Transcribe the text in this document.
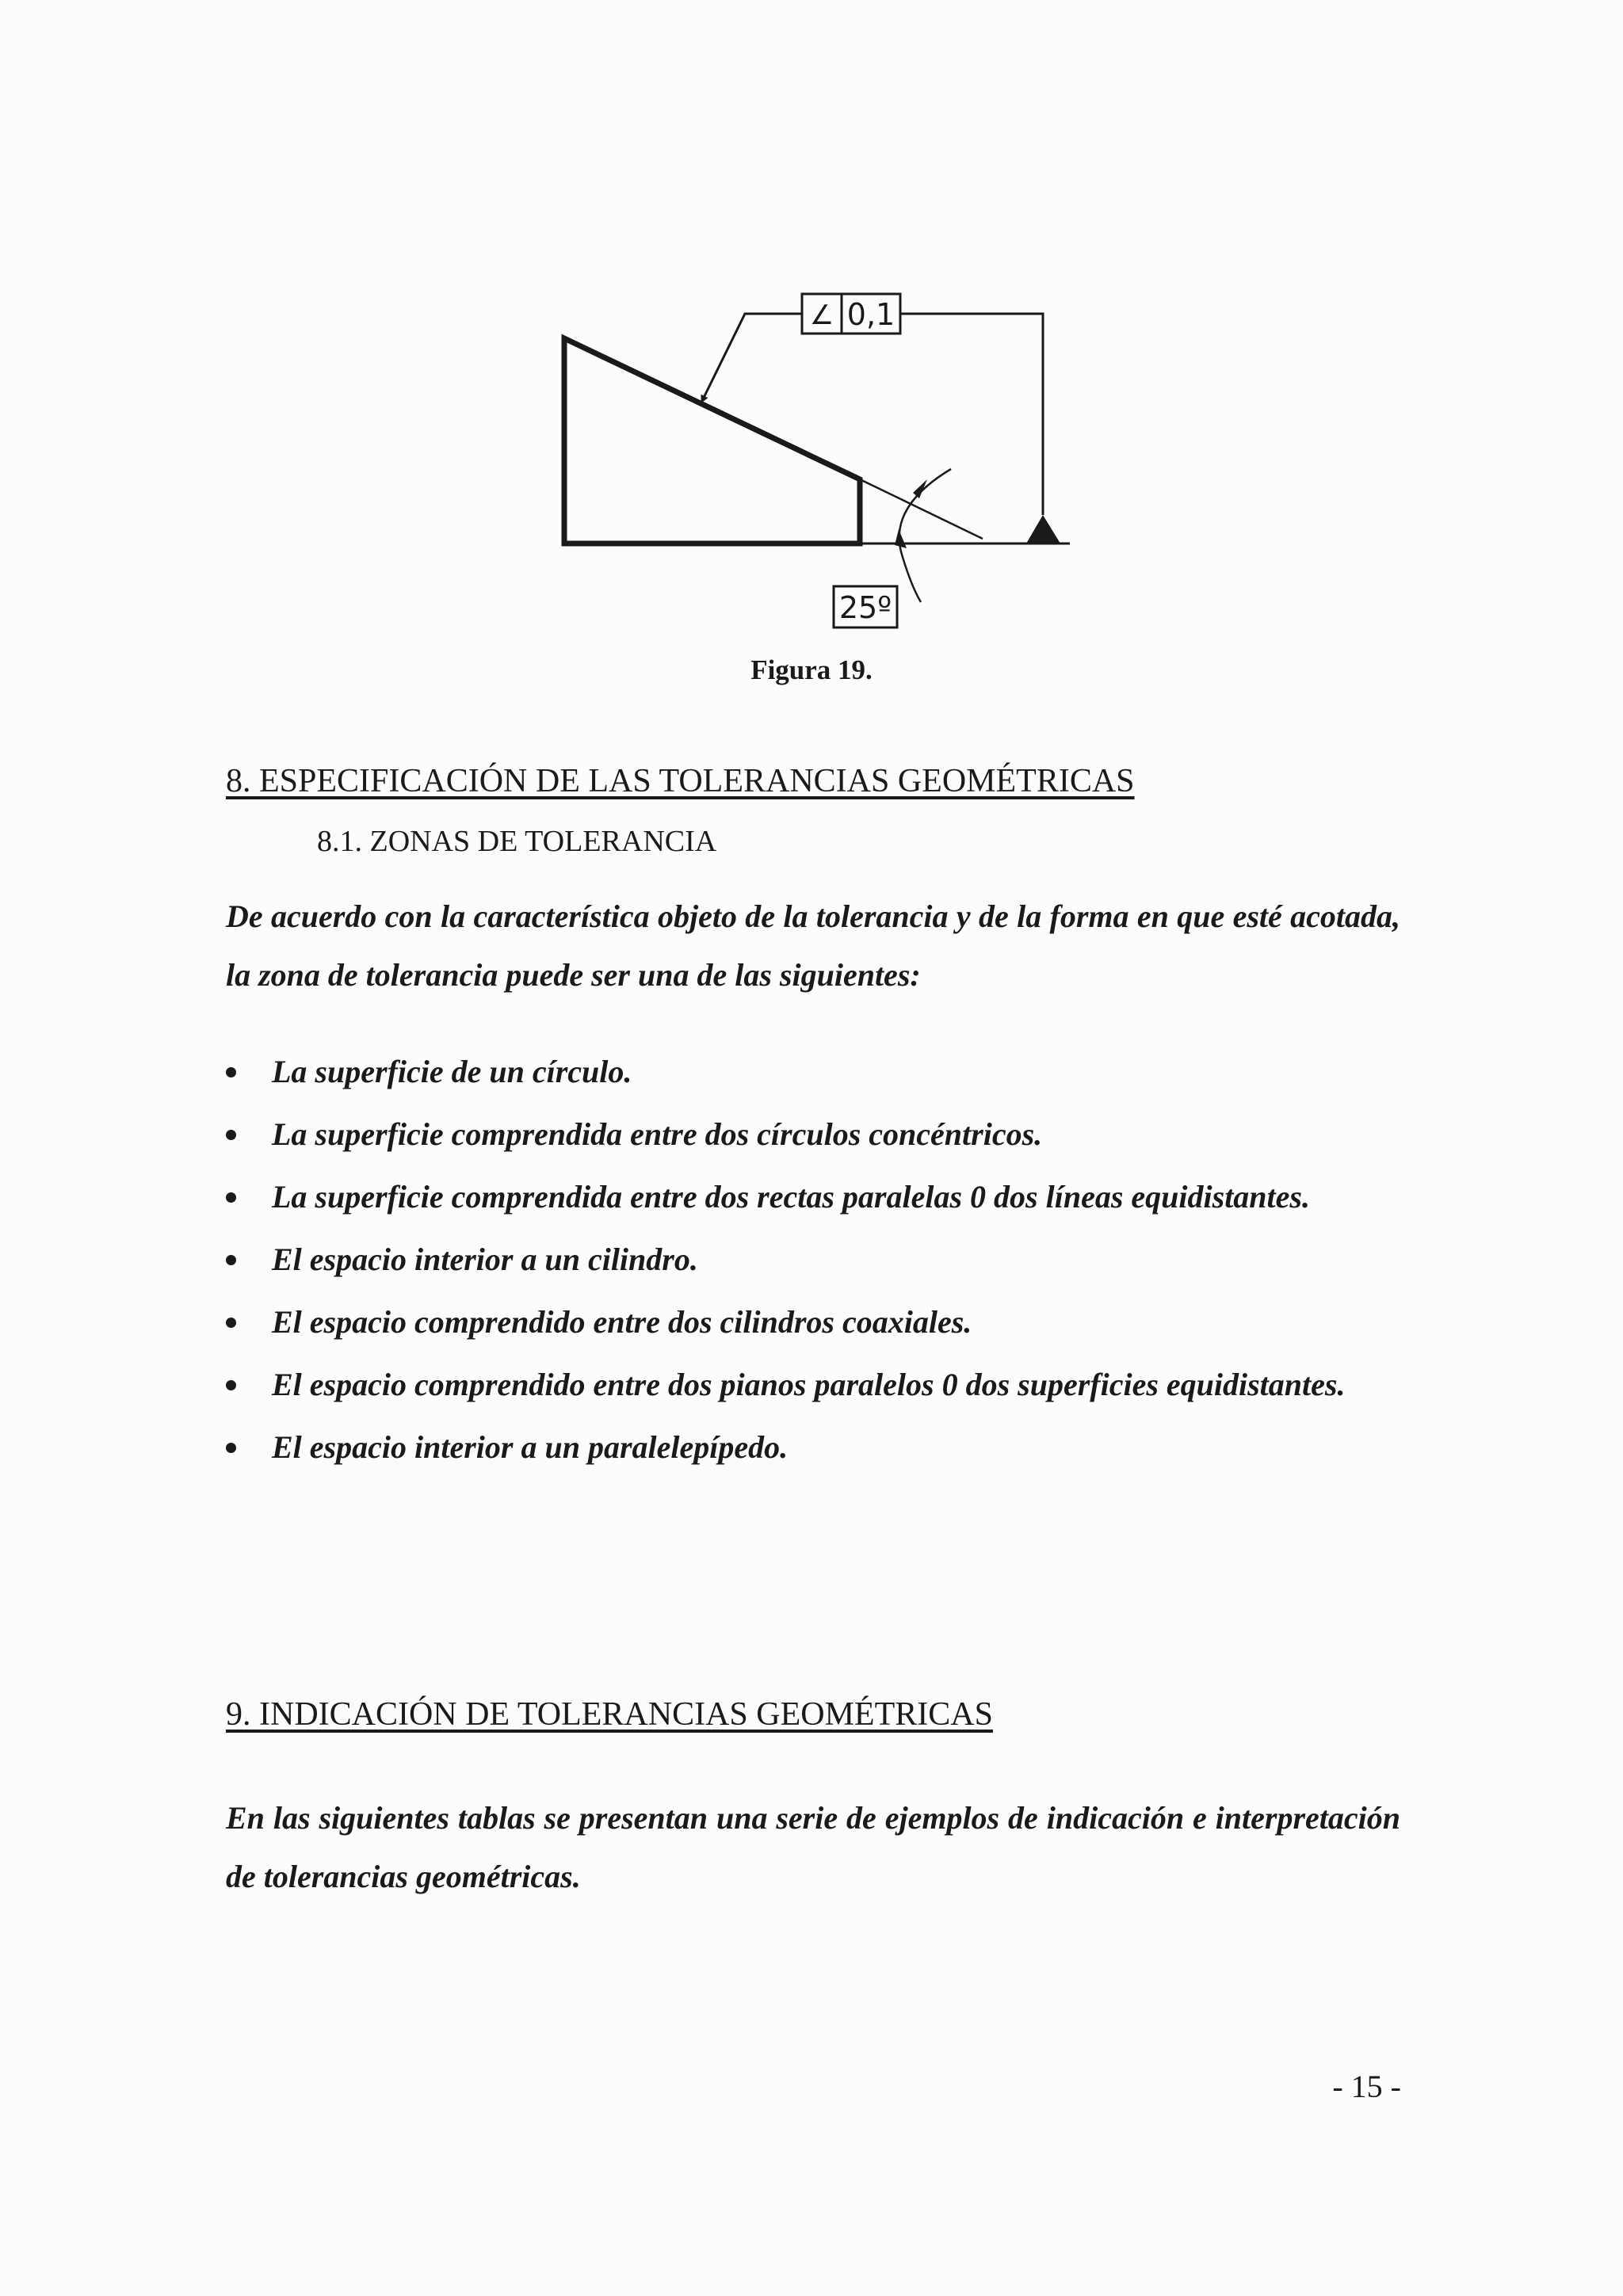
∠ 0,1
25º
Figura 19.
8. ESPECIFICACIÓN DE LAS TOLERANCIAS GEOMÉTRICAS
8.1. ZONAS DE TOLERANCIA

De acuerdo con la característica objeto de la tolerancia y de la forma en que esté acotada, la zona de tolerancia puede ser una de las siguientes:

La superficie de un círculo.
La superficie comprendida entre dos círculos concéntricos.
La superficie comprendida entre dos rectas paralelas 0 dos líneas equidistantes.
El espacio interior a un cilindro.
El espacio comprendido entre dos cilindros coaxiales.
El espacio comprendido entre dos pianos paralelos 0 dos superficies equidistantes.
El espacio interior a un paralelepípedo.
9. INDICACIÓN DE TOLERANCIAS GEOMÉTRICAS

En las siguientes tablas se presentan una serie de ejemplos de indicación e interpretación de tolerancias geométricas.

- 15 -
